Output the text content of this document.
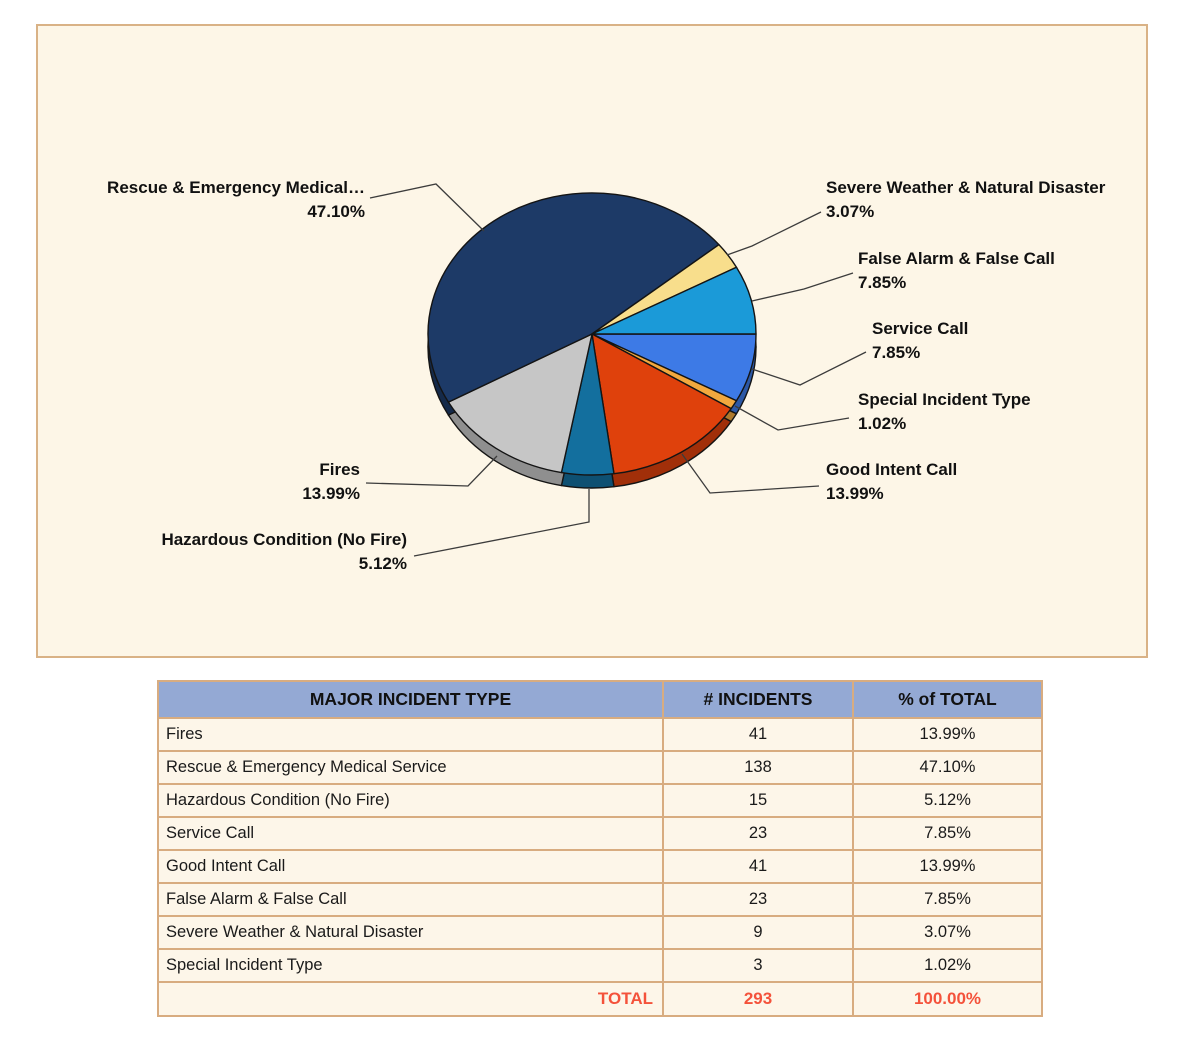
Service Call
7.85%
Special Incident Type
1.02%
Good Intent Call
13.99%
Hazardous Condition (No Fire)
5.12%
Fires
13.99%
Rescue & Emergency Medical…
47.10%
Severe Weather & Natural Disaster
3.07%
False Alarm & False Call
7.85%
MAJOR INCIDENT TYPE	# INCIDENTS	% of TOTAL
Fires	41	13.99%
Rescue & Emergency Medical Service	138	47.10%
Hazardous Condition (No Fire)	15	5.12%
Service Call	23	7.85%
Good Intent Call	41	13.99%
False Alarm & False Call	23	7.85%
Severe Weather & Natural Disaster	9	3.07%
Special Incident Type	3	1.02%
TOTAL	293	100.00%
